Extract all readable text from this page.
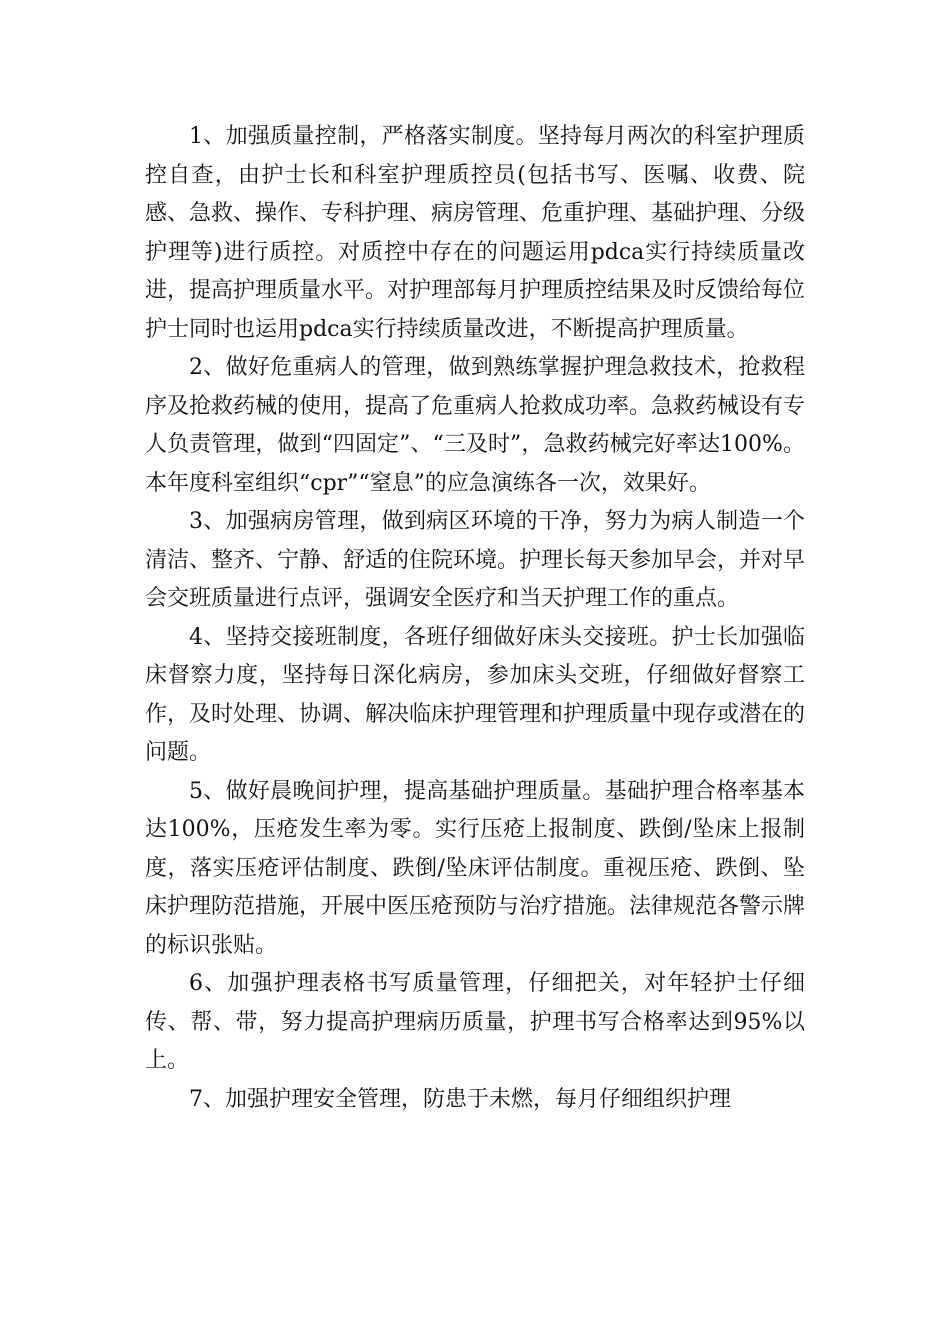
1、加强质量控制，严格落实制度。坚持每月两次的科室护理质控自查，由护士长和科室护理质控员(包括书写、医嘱、收费、院感、急救、操作、专科护理、病房管理、危重护理、基础护理、分级护理等)进行质控。对质控中存在的问题运用pdca实行持续质量改进，提高护理质量水平。对护理部每月护理质控结果及时反馈给每位护士同时也运用pdca实行持续质量改进，不断提高护理质量。

2、做好危重病人的管理，做到熟练掌握护理急救技术，抢救程序及抢救药械的使用，提高了危重病人抢救成功率。急救药械设有专人负责管理，做到“四固定”、“三及时”，急救药械完好率达100%。本年度科室组织“cpr”“窒息”的应急演练各一次，效果好。

3、加强病房管理，做到病区环境的干净，努力为病人制造一个清洁、整齐、宁静、舒适的住院环境。护理长每天参加早会，并对早会交班质量进行点评，强调安全医疗和当天护理工作的重点。

4、坚持交接班制度，各班仔细做好床头交接班。护士长加强临床督察力度，坚持每日深化病房，参加床头交班，仔细做好督察工作，及时处理、协调、解决临床护理管理和护理质量中现存或潜在的问题。

5、做好晨晚间护理，提高基础护理质量。基础护理合格率基本达100%，压疮发生率为零。实行压疮上报制度、跌倒/坠床上报制度，落实压疮评估制度、跌倒/坠床评估制度。重视压疮、跌倒、坠床护理防范措施，开展中医压疮预防与治疗措施。法律规范各警示牌的标识张贴。

6、加强护理表格书写质量管理，仔细把关，对年轻护士仔细传、帮、带，努力提高护理病历质量，护理书写合格率达到95%以上。

7、加强护理安全管理，防患于未燃，每月仔细组织护理
